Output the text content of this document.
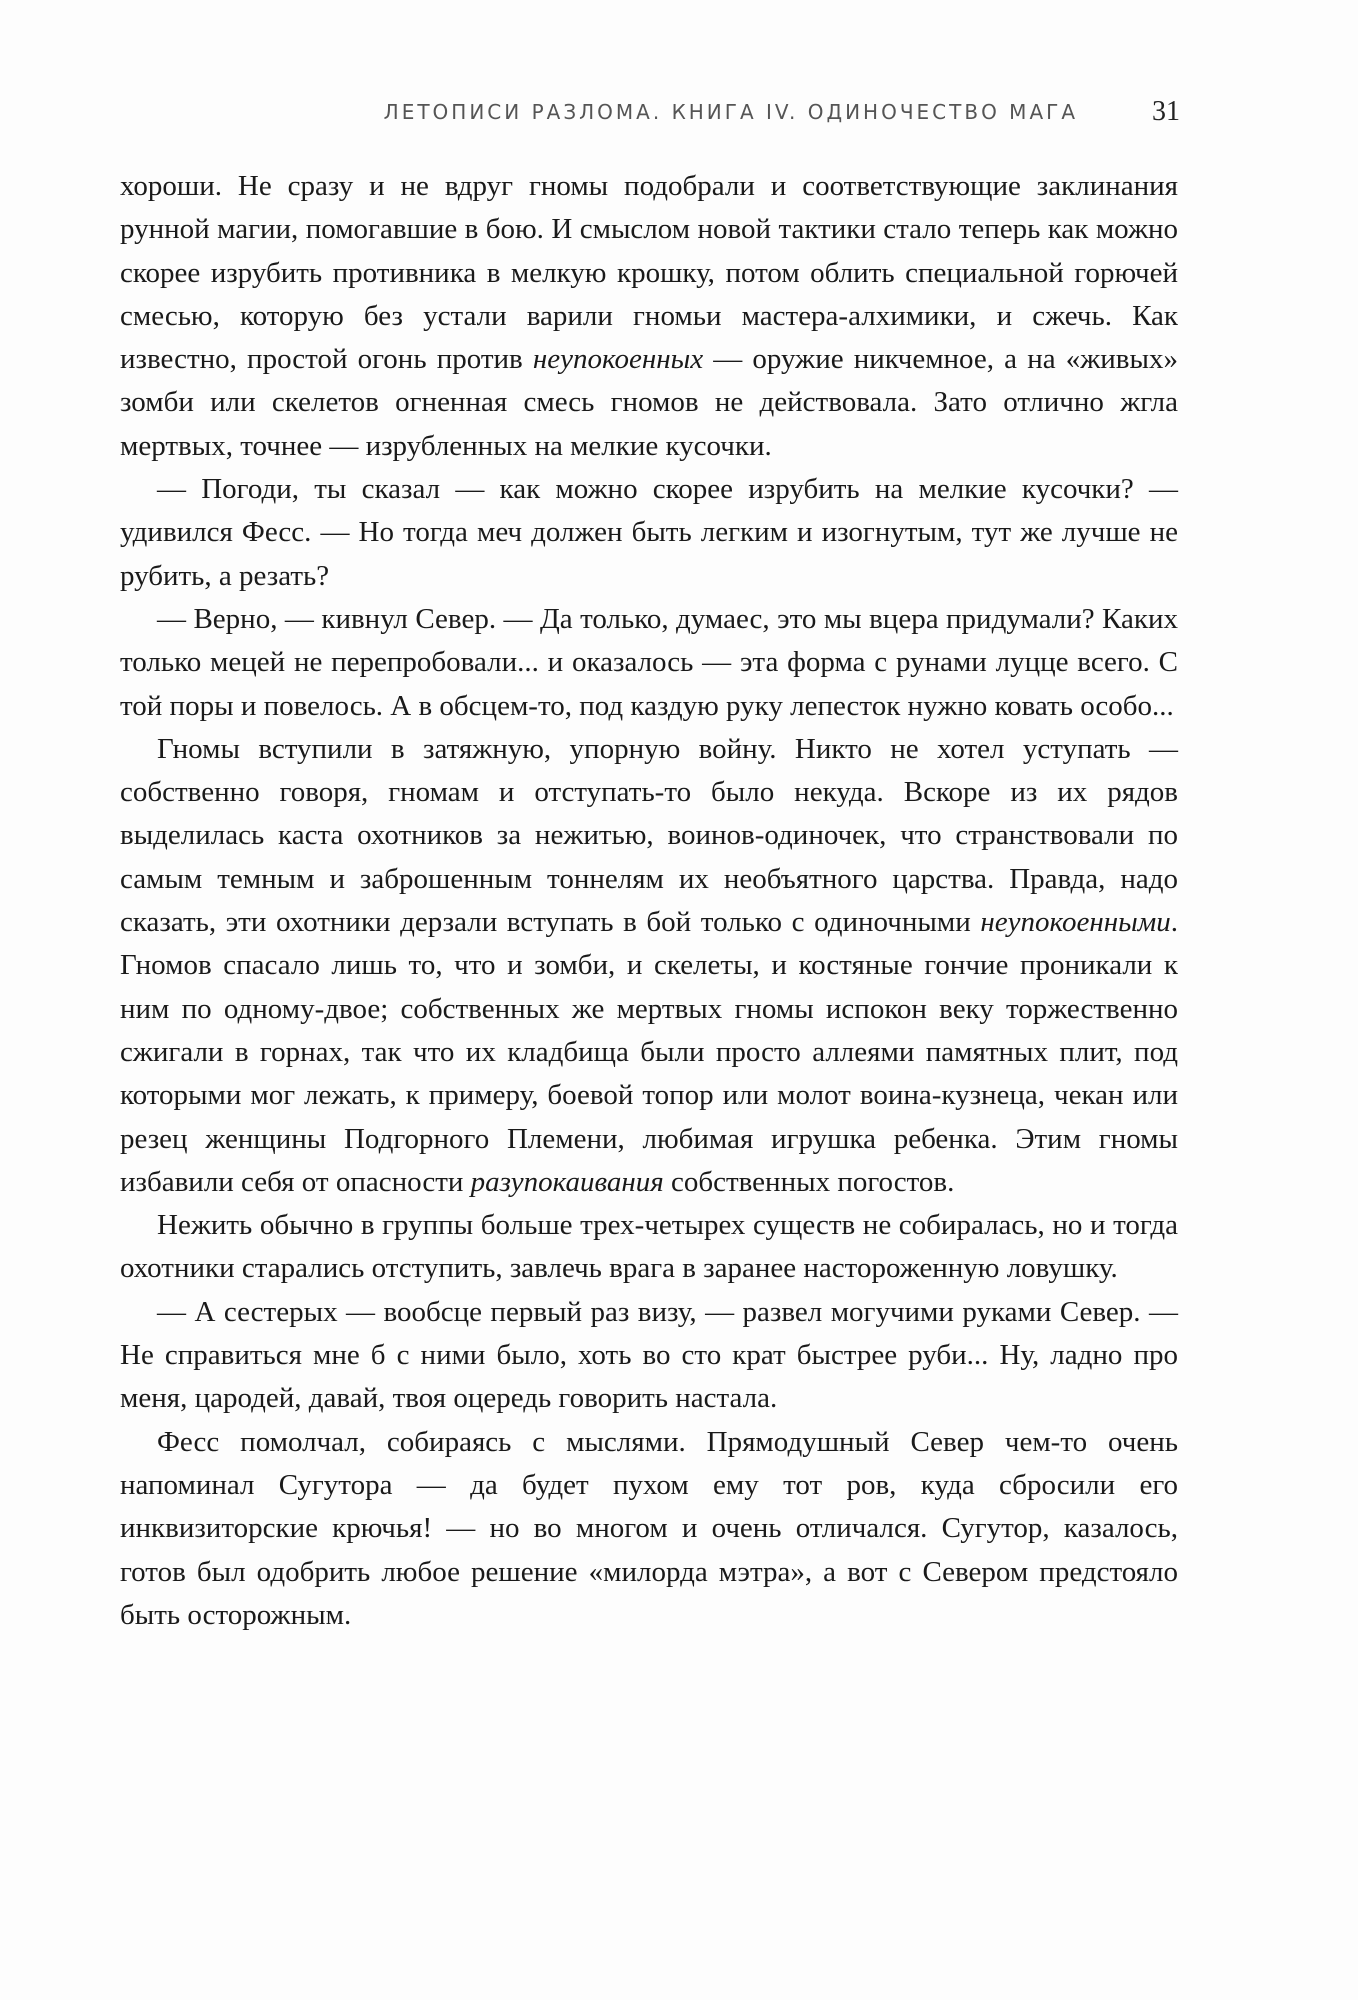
ЛЕТОПИСИ РАЗЛОМА. КНИГА IV. ОДИНОЧЕСТВО МАГА	31

хороши. Не сразу и не вдруг гномы подобрали и соответствующие заклинания рунной магии, помогавшие в бою. И смыслом новой тактики стало теперь как можно скорее изрубить противника в мелкую крошку, потом облить специальной горючей смесью, которую без устали варили гномьи мастера-алхимики, и сжечь. Как известно, простой огонь против неупокоенных — оружие никчемное, а на «живых» зомби или скелетов огненная смесь гномов не действовала. Зато отлично жгла мертвых, точнее — изрубленных на мелкие кусочки.

— Погоди, ты сказал — как можно скорее изрубить на мелкие кусочки? — удивился Фесс. — Но тогда меч должен быть легким и изогнутым, тут же лучше не рубить, а резать?

— Верно, — кивнул Север. — Да только, думаес, это мы вцера придумали? Каких только мецей не перепробовали... и оказалось — эта форма с рунами луцце всего. С той поры и повелось. А в обсцем-то, под каздую руку лепесток нужно ковать особо...

Гномы вступили в затяжную, упорную войну. Никто не хотел уступать — собственно говоря, гномам и отступать-то было некуда. Вскоре из их рядов выделилась каста охотников за нежитью, воинов-одиночек, что странствовали по самым темным и заброшенным тоннелям их необъятного царства. Правда, надо сказать, эти охотники дерзали вступать в бой только с одиночными неупокоенными. Гномов спасало лишь то, что и зомби, и скелеты, и костяные гончие проникали к ним по одному-двое; собственных же мертвых гномы испокон веку торжественно сжигали в горнах, так что их кладбища были просто аллеями памятных плит, под которыми мог лежать, к примеру, боевой топор или молот воина-кузнеца, чекан или резец женщины Подгорного Племени, любимая игрушка ребенка. Этим гномы избавили себя от опасности разупокаивания собственных погостов.

Нежить обычно в группы больше трех-четырех существ не собиралась, но и тогда охотники старались отступить, завлечь врага в заранее настороженную ловушку.

— А сестерых — вообсце первый раз визу, — развел могучими руками Север. — Не справиться мне б с ними было, хоть во сто крат быстрее руби... Ну, ладно про меня, цародей, давай, твоя оцередь говорить настала.

Фесс помолчал, собираясь с мыслями. Прямодушный Север чем-то очень напоминал Сугутора — да будет пухом ему тот ров, куда сбросили его инквизиторские крючья! — но во многом и очень отличался. Сугутор, казалось, готов был одобрить любое решение «милорда мэтра», а вот с Севером предстояло быть осторожным.
